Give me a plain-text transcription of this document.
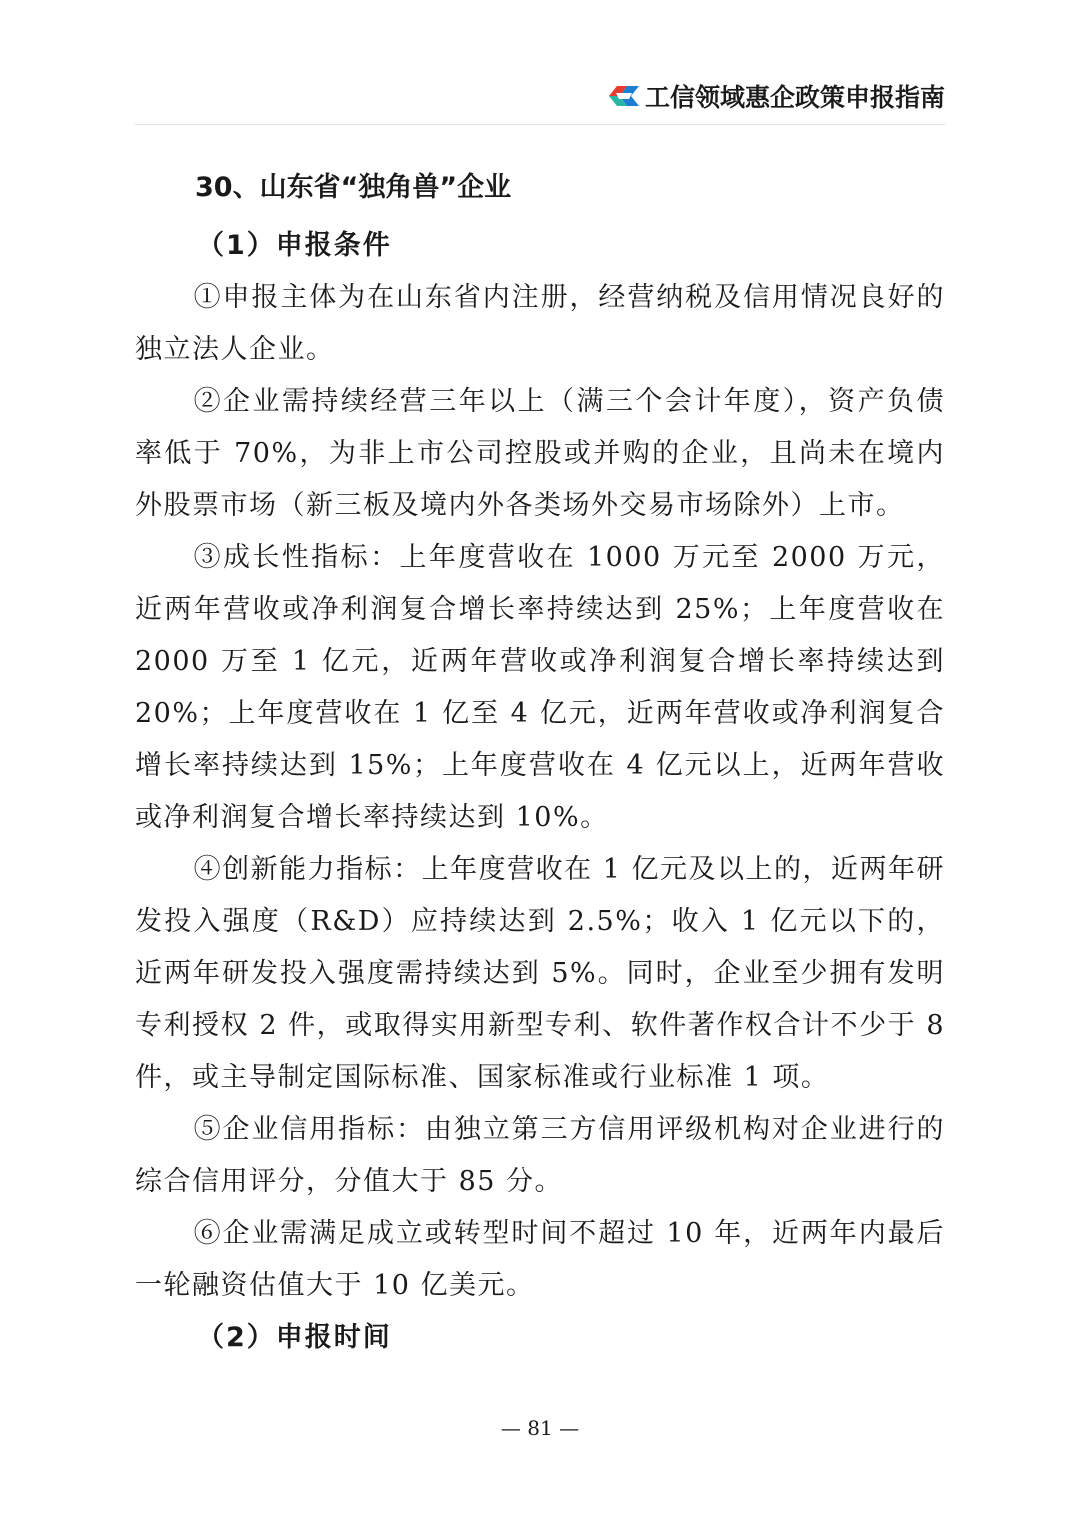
工信领域惠企政策申报指南
30、山东省“独角兽”企业
（1）申报条件

①申报主体为在山东省内注册，经营纳税及信用情况良好的独立法人企业。

②企业需持续经营三年以上（满三个会计年度），资产负债率低于 70%，为非上市公司控股或并购的企业，且尚未在境内外股票市场（新三板及境内外各类场外交易市场除外）上市。

③成长性指标：上年度营收在 1000 万元至 2000 万元，近两年营收或净利润复合增长率持续达到 25%；上年度营收在 2000 万至 1 亿元，近两年营收或净利润复合增长率持续达到 20%；上年度营收在 1 亿至 4 亿元，近两年营收或净利润复合增长率持续达到 15%；上年度营收在 4 亿元以上，近两年营收或净利润复合增长率持续达到 10%。

④创新能力指标：上年度营收在 1 亿元及以上的，近两年研发投入强度（R&D）应持续达到 2.5%；收入 1 亿元以下的，近两年研发投入强度需持续达到 5%。同时，企业至少拥有发明专利授权 2 件，或取得实用新型专利、软件著作权合计不少于 8 件，或主导制定国际标准、国家标准或行业标准 1 项。

⑤企业信用指标：由独立第三方信用评级机构对企业进行的综合信用评分，分值大于 85 分。

⑥企业需满足成立或转型时间不超过 10 年，近两年内最后一轮融资估值大于 10 亿美元。

（2）申报时间
— 81 —
